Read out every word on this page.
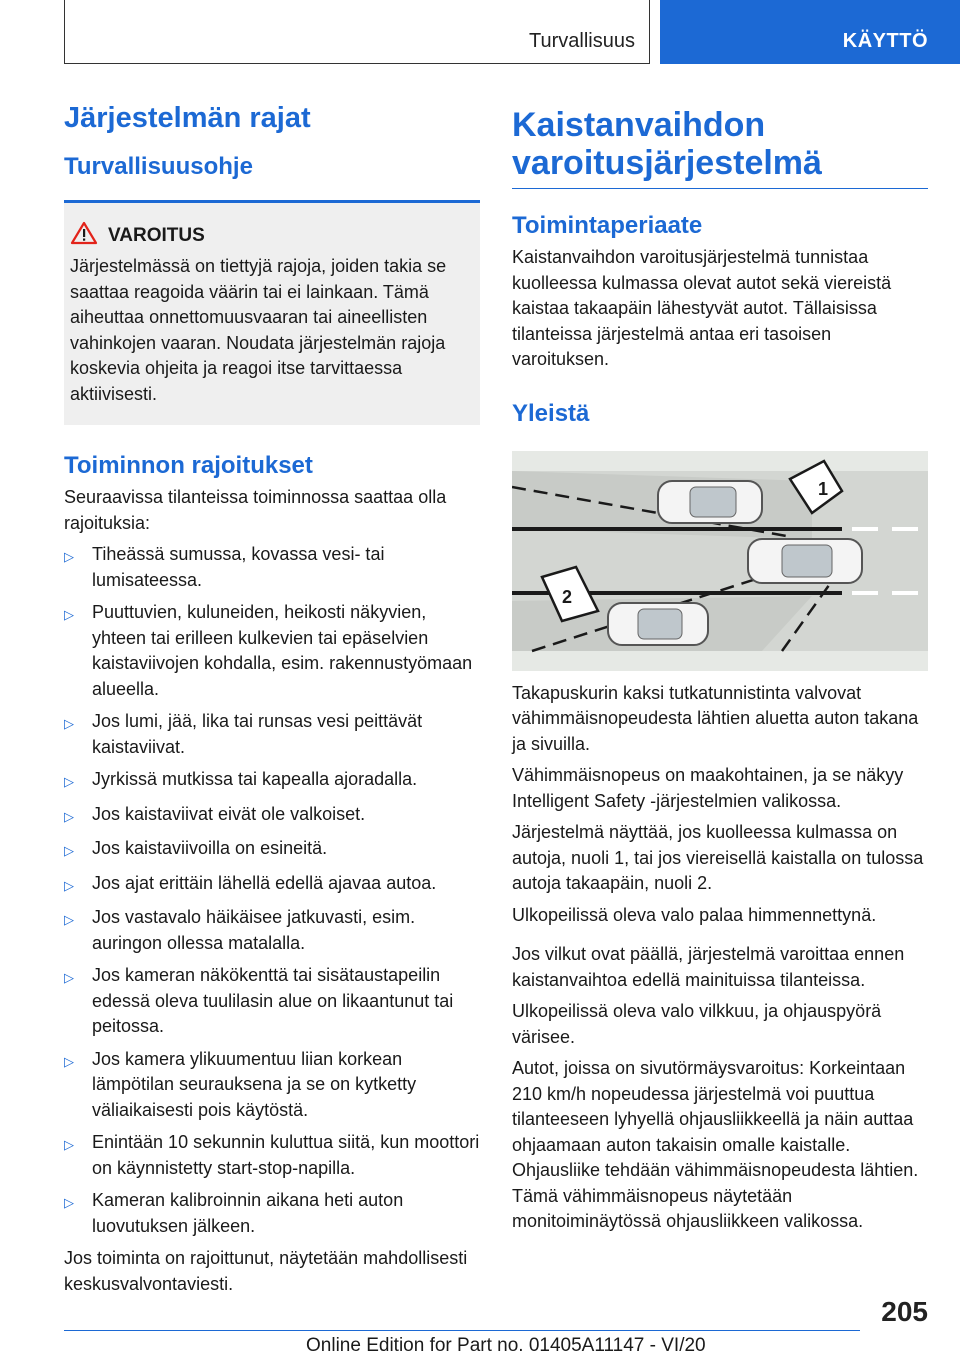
Turvallisuus	KÄYTTÖ
Järjestelmän rajat
Turvallisuusohje
VAROITUS
Järjestelmässä on tiettyjä rajoja, joiden takia se saattaa reagoida väärin tai ei lainkaan. Tämä aiheuttaa onnettomuusvaaran tai aineellisten vahinkojen vaaran. Noudata järjestelmän rajoja koskevia ohjeita ja reagoi itse tarvittaessa aktiivisesti.
Toiminnon rajoitukset

Seuraavissa tilanteissa toiminnossa saattaa olla rajoituksia:

▷	Tiheässä sumussa, kovassa vesi- tai lumisateessa.
▷	Puuttuvien, kuluneiden, heikosti näkyvien, yhteen tai erilleen kulkevien tai epäselvien kaistaviivojen kohdalla, esim. rakennustyömaan alueella.
▷	Jos lumi, jää, lika tai runsas vesi peittävät kaistaviivat.
▷	Jyrkissä mutkissa tai kapealla ajoradalla.
▷	Jos kaistaviivat eivät ole valkoiset.
▷	Jos kaistaviivoilla on esineitä.
▷	Jos ajat erittäin lähellä edellä ajavaa autoa.
▷	Jos vastavalo häikäisee jatkuvasti, esim. auringon ollessa matalalla.
▷	Jos kameran näkökenttä tai sisätaustapeilin edessä oleva tuulilasin alue on likaantunut tai peitossa.
▷	Jos kamera ylikuumentuu liian korkean lämpötilan seurauksena ja se on kytketty väliaikaisesti pois käytöstä.
▷	Enintään 10 sekunnin kuluttua siitä, kun moottori on käynnistetty start-stop-napilla.
▷	Kameran kalibroinnin aikana heti auton luovutuksen jälkeen.

Jos toiminta on rajoittunut, näytetään mahdollisesti keskusvalvontaviesti.

Kaistanvaihdon varoitusjärjestelmä
Toimintaperiaate

Kaistanvaihdon varoitusjärjestelmä tunnistaa kuolleessa kulmassa olevat autot sekä viereistä kaistaa takaapäin lähestyvät autot. Tällaisissa tilanteissa järjestelmä antaa eri tasoisen varoituksen.

Yleistä
1
2

Takapuskurin kaksi tutkatunnistinta valvovat vähimmäisnopeudesta lähtien aluetta auton takana ja sivuilla.

Vähimmäisnopeus on maakohtainen, ja se näkyy Intelligent Safety -järjestelmien valikossa.

Järjestelmä näyttää, jos kuolleessa kulmassa on autoja, nuoli 1, tai jos viereisellä kaistalla on tulossa autoja takaapäin, nuoli 2.

Ulkopeilissä oleva valo palaa himmennettynä.

Jos vilkut ovat päällä, järjestelmä varoittaa ennen kaistanvaihtoa edellä mainituissa tilanteissa.

Ulkopeilissä oleva valo vilkkuu, ja ohjauspyörä värisee.

Autot, joissa on sivutörmäysvaroitus: Korkeintaan 210 km/h nopeudessa järjestelmä voi puuttua tilanteeseen lyhyellä ohjausliikkeellä ja näin auttaa ohjaamaan auton takaisin omalle kaistalle. Ohjausliike tehdään vähimmäisnopeudesta lähtien. Tämä vähimmäisnopeus näytetään monitoiminäytössä ohjausliikkeen valikossa.

205
Online Edition for Part no. 01405A11147 - VI/20
